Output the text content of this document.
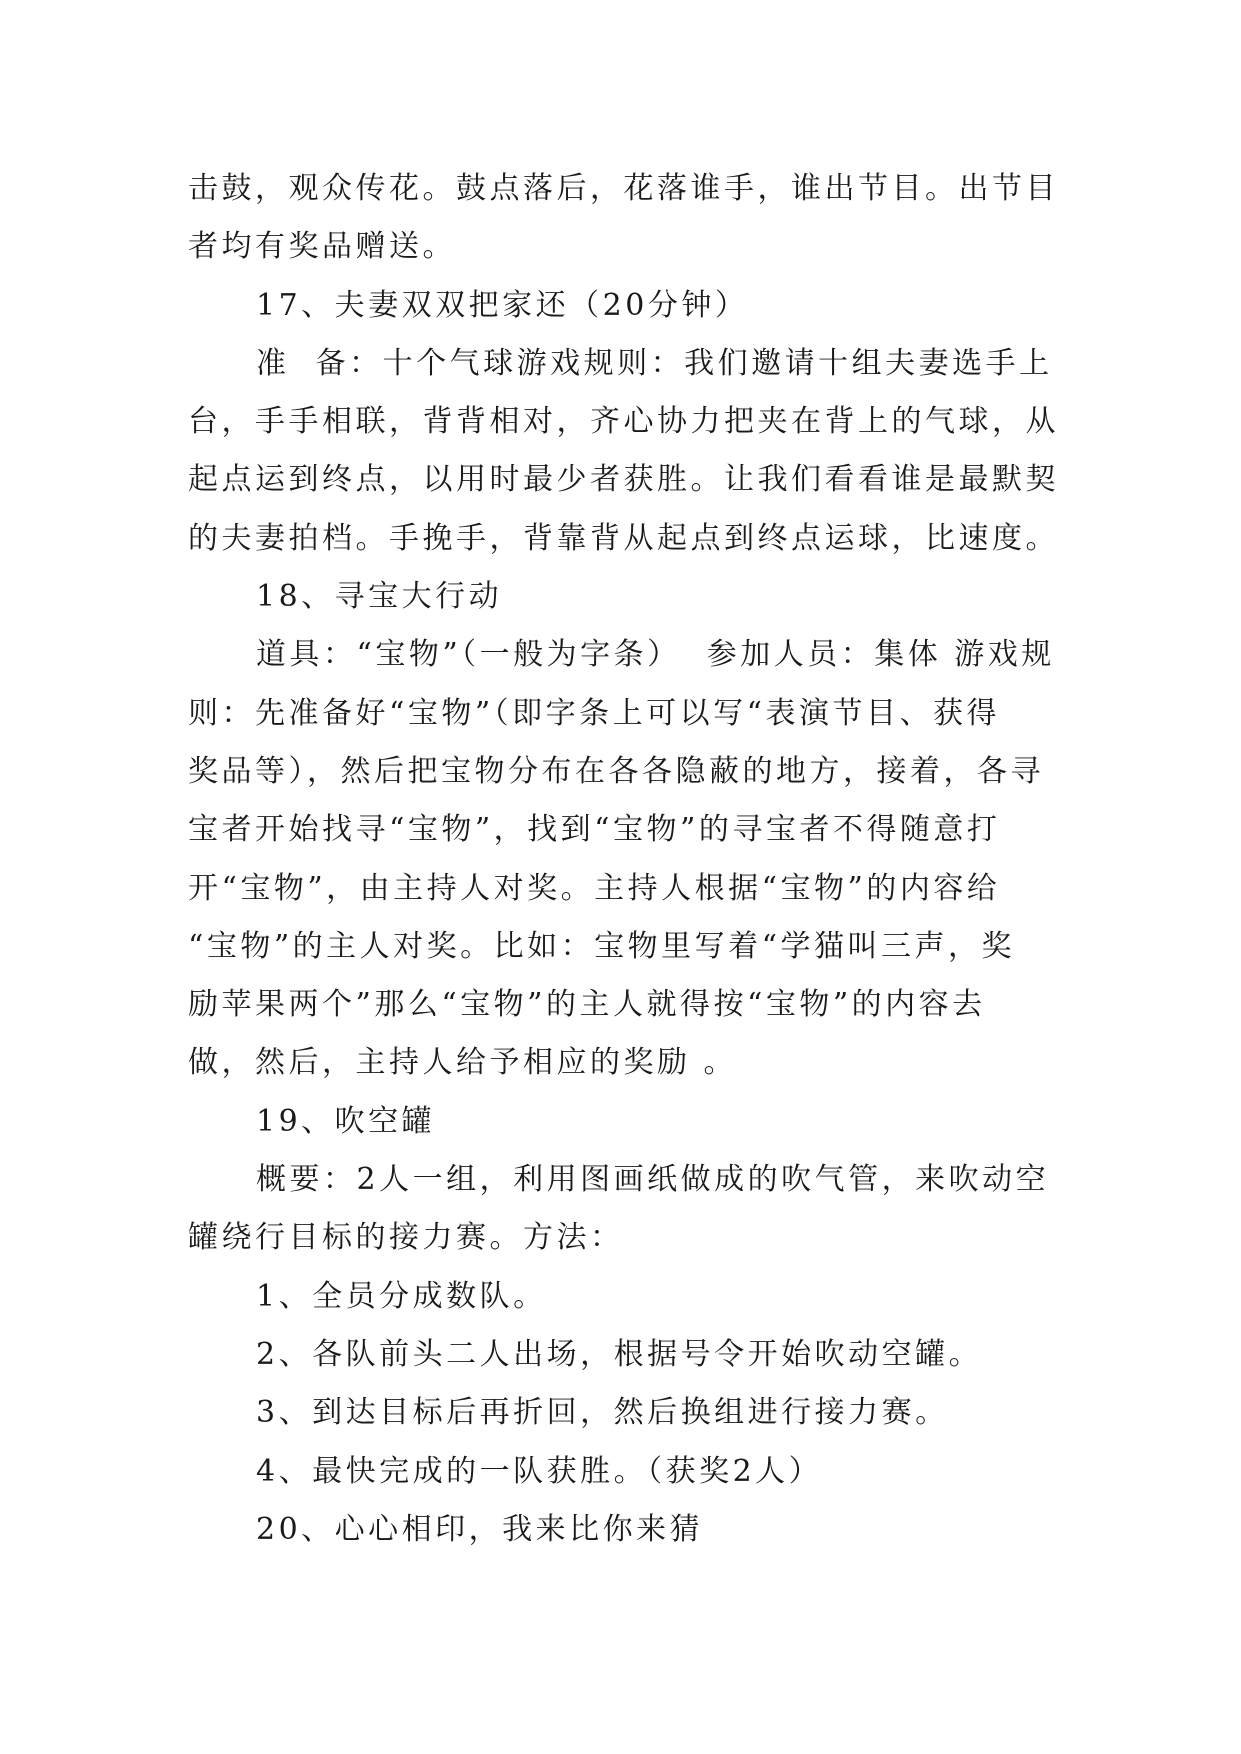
击鼓，观众传花。鼓点落后，花落谁手，谁出节目。出节目
者均有奖品赠送。
17、夫妻双双把家还（20分钟）
准  备：十个气球游戏规则：我们邀请十组夫妻选手上
台，手手相联，背背相对，齐心协力把夹在背上的气球，从
起点运到终点，以用时最少者获胜。让我们看看谁是最默契
的夫妻拍档。手挽手，背靠背从起点到终点运球，比速度。
18、寻宝大行动
道具：“宝物”（一般为字条）  参加人员：集体 游戏规
则：先准备好“宝物”（即字条上可以写“表演节目、获得
奖品等），然后把宝物分布在各各隐蔽的地方，接着，各寻
宝者开始找寻“宝物”，找到“宝物”的寻宝者不得随意打
开“宝物”，由主持人对奖。主持人根据“宝物”的内容给
“宝物”的主人对奖。比如：宝物里写着“学猫叫三声，奖
励苹果两个”那么“宝物”的主人就得按“宝物”的内容去
做，然后，主持人给予相应的奖励 。
19、吹空罐
概要：2人一组，利用图画纸做成的吹气管，来吹动空
罐绕行目标的接力赛。方法：
1、全员分成数队。
2、各队前头二人出场，根据号令开始吹动空罐。
3、到达目标后再折回，然后换组进行接力赛。
4、最快完成的一队获胜。（获奖2人）
20、心心相印，我来比你来猜
